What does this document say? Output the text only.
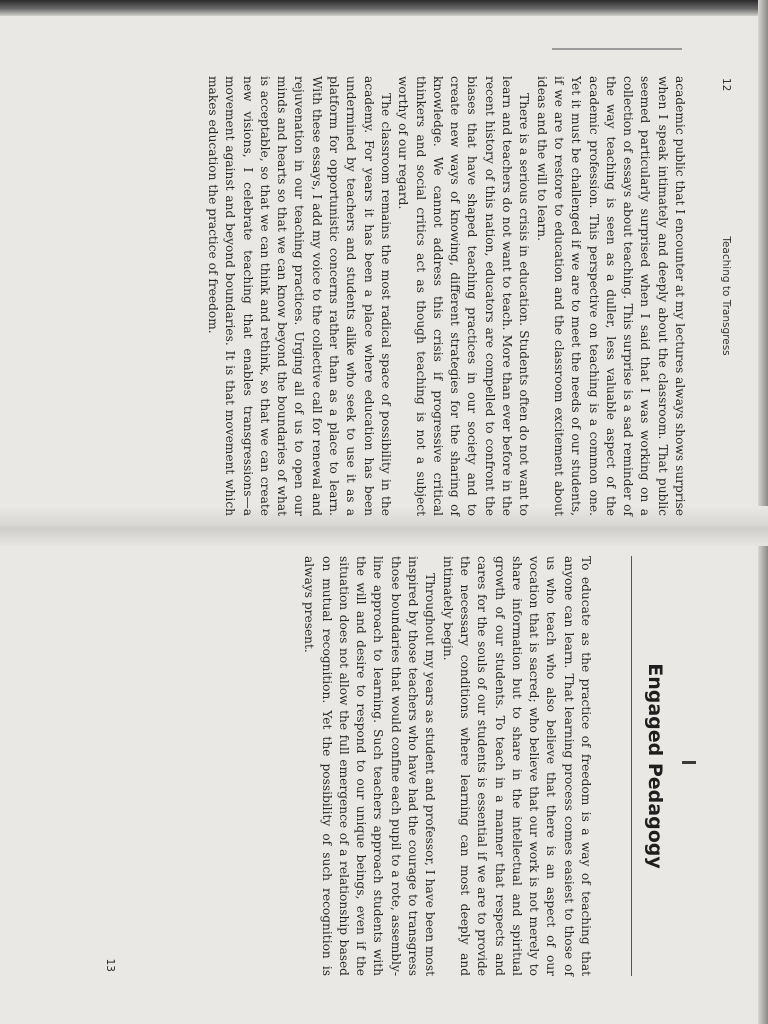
12
Teaching to Transgress

academic public that I encounter at my lectures always shows surprise when I speak intimately and deeply about the classroom. That public seemed particularly surprised when I said that I was working on a collection of essays about teaching. This surprise is a sad reminder of the way teaching is seen as a duller, less valuable aspect of the academic profession. This perspective on teaching is a common one. Yet it must be challenged if we are to meet the needs of our students, if we are to restore to education and the classroom excitement about ideas and the will to learn.

There is a serious crisis in education. Students often do not want to learn and teachers do not want to teach. More than ever before in the recent history of this nation, educators are compelled to confront the biases that have shaped teaching practices in our society and to create new ways of knowing, different strategies for the sharing of knowledge. We cannot address this crisis if progressive critical thinkers and social critics act as though teaching is not a subject worthy of our regard.

The classroom remains the most radical space of possibility in the academy. For years it has been a place where education has been undermined by teachers and students alike who seek to use it as a platform for opportunistic concerns rather than as a place to learn. With these essays, I add my voice to the collective call for renewal and rejuvenation in our teaching practices. Urging all of us to open our minds and hearts so that we can know beyond the boundaries of what is acceptable, so that we can think and rethink, so that we can create new visions, I celebrate teaching that enables transgressions—a movement against and beyond boundaries. It is that movement which makes education the practice of freedom.

Engaged Pedagogy

To educate as the practice of freedom is a way of teaching that anyone can learn. That learning process comes easiest to those of us who teach who also believe that there is an aspect of our vocation that is sacred; who believe that our work is not merely to share information but to share in the intellectual and spiritual growth of our students. To teach in a manner that respects and cares for the souls of our students is essential if we are to provide the necessary conditions where learning can most deeply and intimately begin.

Throughout my years as student and professor, I have been most inspired by those teachers who have had the courage to transgress those boundaries that would confine each pupil to a rote, assembly-line approach to learning. Such teachers approach students with the will and desire to respond to our unique beings, even if the situation does not allow the full emergence of a relationship based on mutual recognition. Yet the possibility of such recognition is always present.

13
